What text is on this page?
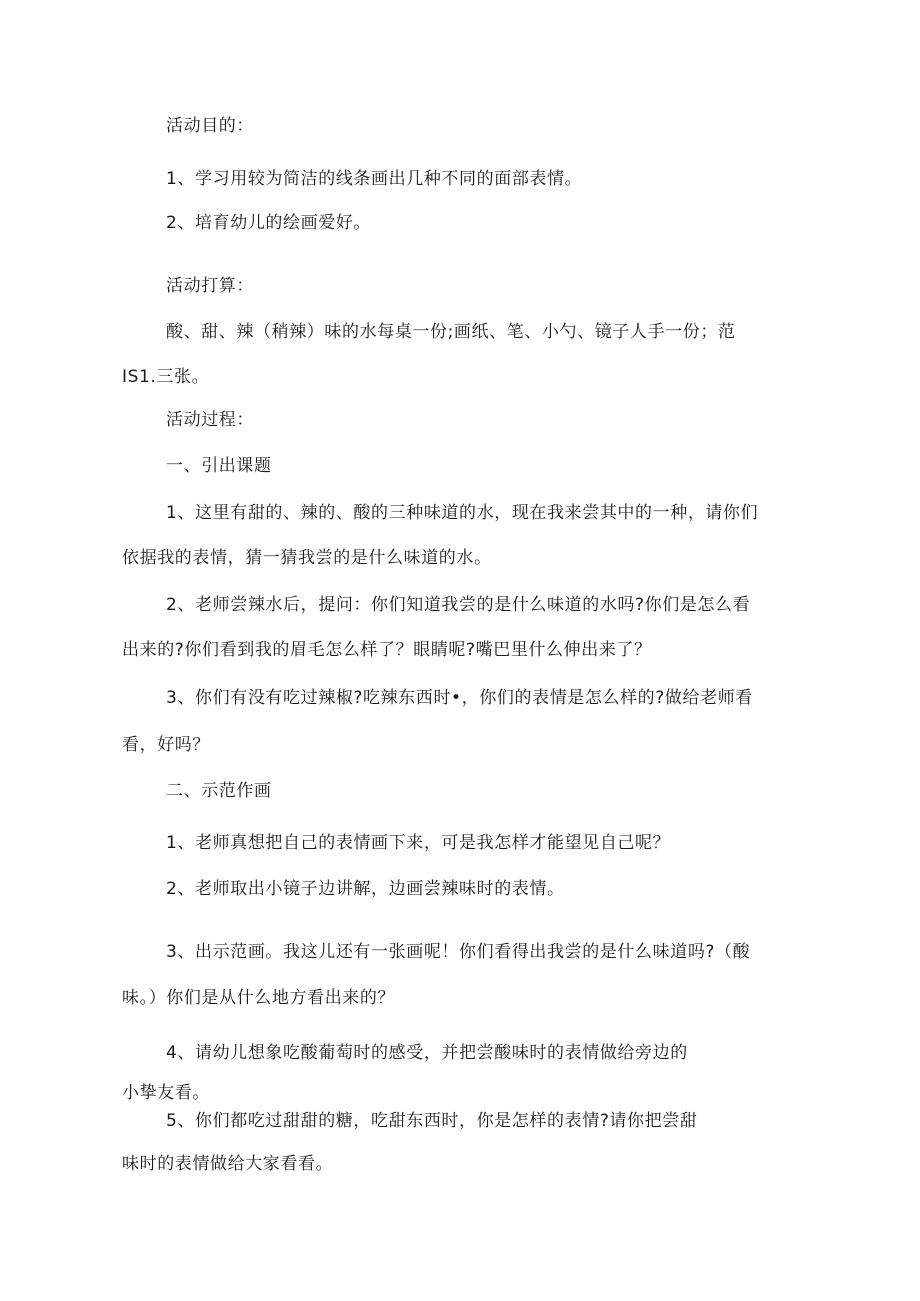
活动目的：
1、学习用较为简洁的线条画出几种不同的面部表情。
2、培育幼儿的绘画爱好。
活动打算：
酸、甜、辣（稍辣）味的水每桌一份;画纸、笔、小勺、镜子人手一份；范
IS1.三张。
活动过程：
一、引出课题
1、这里有甜的、辣的、酸的三种味道的水，现在我来尝其中的一种，请你们
依据我的表情，猜一猜我尝的是什么味道的水。
2、老师尝辣水后，提问：你们知道我尝的是什么味道的水吗?你们是怎么看
出来的?你们看到我的眉毛怎么样了？眼睛呢?嘴巴里什么伸出来了？
3、你们有没有吃过辣椒?吃辣东西时•，你们的表情是怎么样的?做给老师看
看，好吗？
二、示范作画
1、老师真想把自己的表情画下来，可是我怎样才能望见自己呢？
2、老师取出小镜子边讲解，边画尝辣味时的表情。
3、出示范画。我这儿还有一张画呢！你们看得出我尝的是什么味道吗?（酸
味。）你们是从什么地方看出来的？
4、请幼儿想象吃酸葡萄时的感受，并把尝酸味时的表情做给旁边的
小挚友看。
5、你们都吃过甜甜的糖，吃甜东西时，你是怎样的表情?请你把尝甜
味时的表情做给大家看看。
